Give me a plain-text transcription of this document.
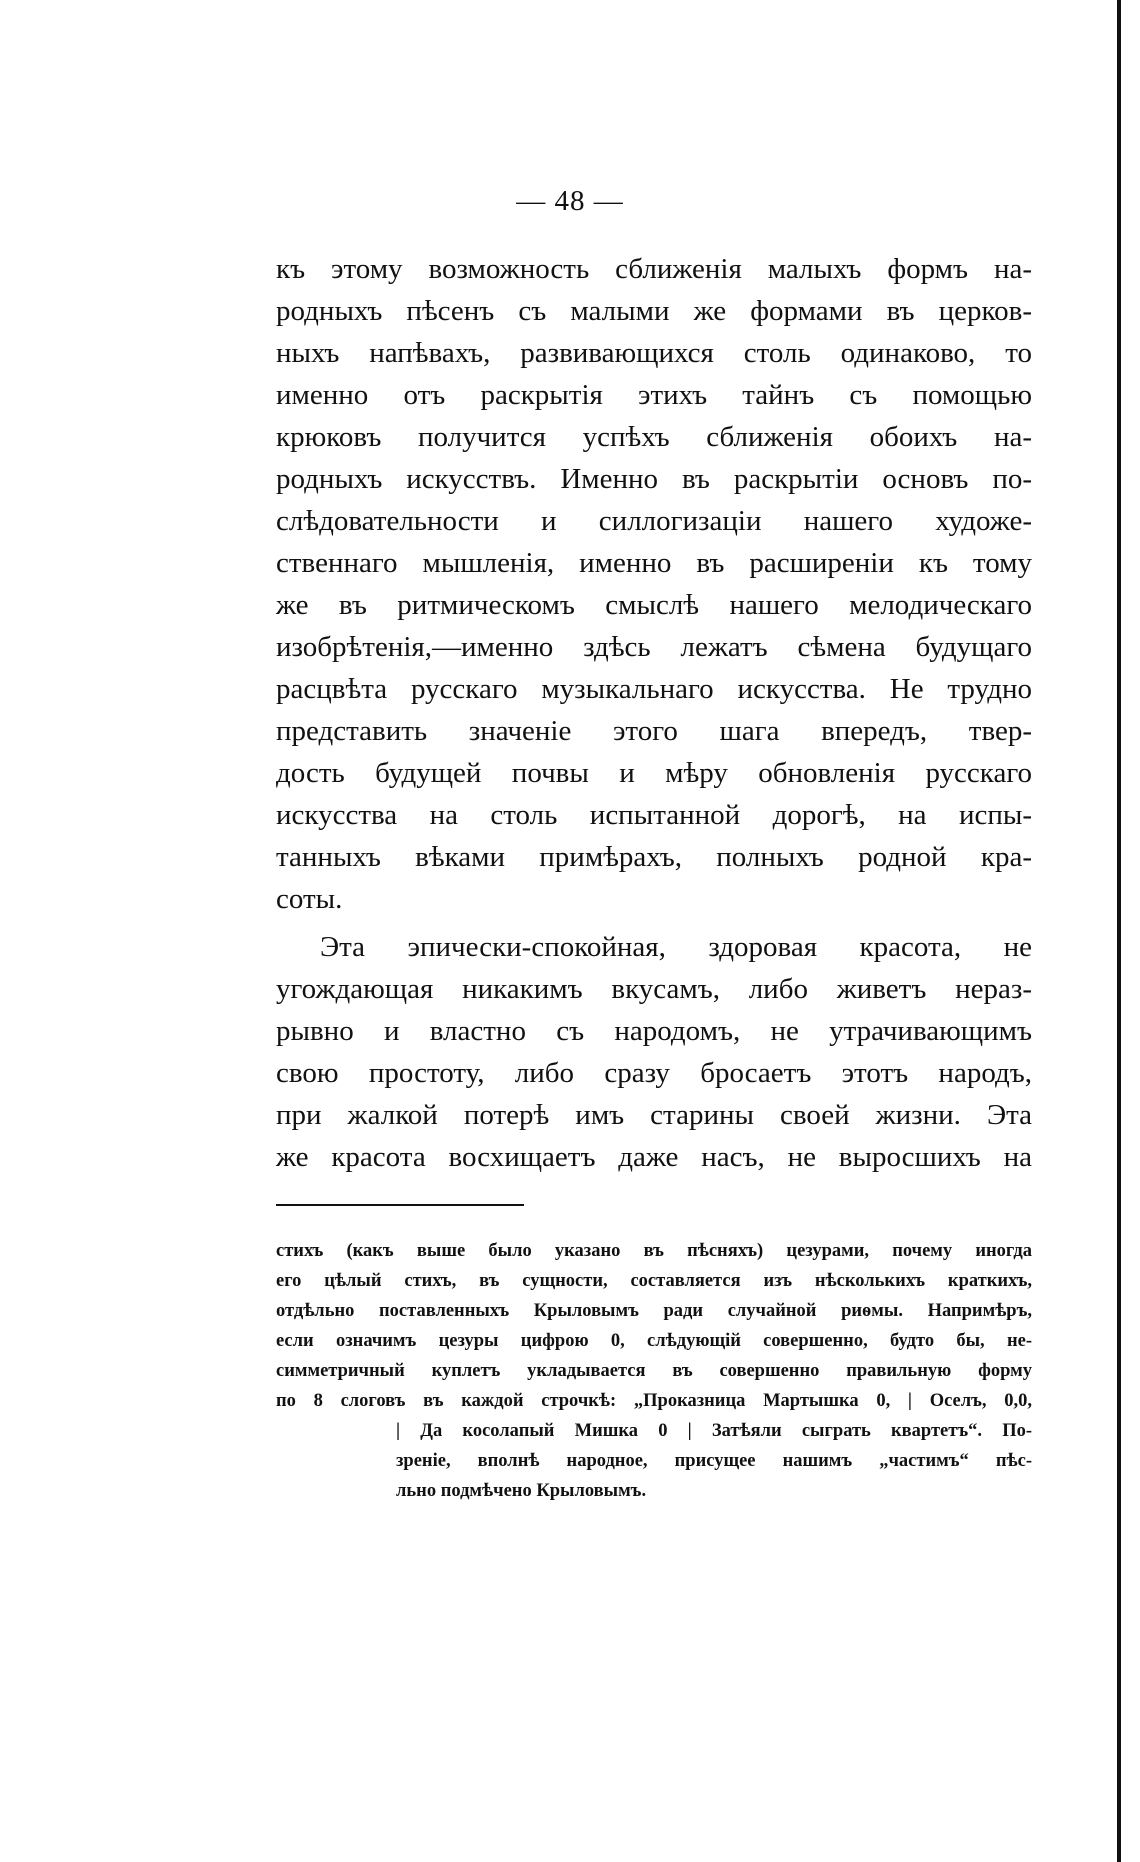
— 48 —
къ этому возможность сближенія малыхъ формъ на-
родныхъ пѣсенъ съ малыми же формами въ церков-
ныхъ напѣвахъ, развивающихся столь одинаково, то
именно отъ раскрытія этихъ тайнъ съ помощью
крюковъ получится успѣхъ сближенія обоихъ на-
родныхъ искусствъ. Именно въ раскрытіи основъ по-
слѣдовательности и силлогизаціи нашего художе-
ственнаго мышленія, именно въ расширеніи къ тому
же въ ритмическомъ смыслѣ нашего мелодическаго
изобрѣтенія,—именно здѣсь лежатъ сѣмена будущаго
расцвѣта русскаго музыкальнаго искусства. Не трудно
представить значеніе этого шага впередъ, твер-
дость будущей почвы и мѣру обновленія русскаго
искусства на столь испытанной дорогѣ, на испы-
танныхъ вѣками примѣрахъ, полныхъ родной кра-
соты.
Эта эпически-спокойная, здоровая красота, не
угождающая никакимъ вкусамъ, либо живетъ нераз-
рывно и властно съ народомъ, не утрачивающимъ
свою простоту, либо сразу бросаетъ этотъ народъ,
при жалкой потерѣ имъ старины своей жизни. Эта
же красота восхищаетъ даже насъ, не выросшихъ на
стихъ (какъ выше было указано въ пѣсняхъ) цезурами, почему иногда
его цѣлый стихъ, въ сущности, составляется изъ нѣсколькихъ краткихъ,
отдѣльно поставленныхъ Крыловымъ ради случайной риѳмы. Напримѣръ,
если означимъ цезуры цифрою 0, слѣдующій совершенно, будто бы, не-
симметричный куплетъ укладывается въ совершенно правильную форму
по 8 слоговъ въ каждой строчкѣ: „Проказница Мартышка 0, | Оселъ, 0,0,
| Да косолапый Мишка 0 | Затѣяли сыграть квартетъ“. По-
зреніе, вполнѣ народное, присущее нашимъ „частимъ“ пѣс-
льно подмѣчено Крыловымъ.
